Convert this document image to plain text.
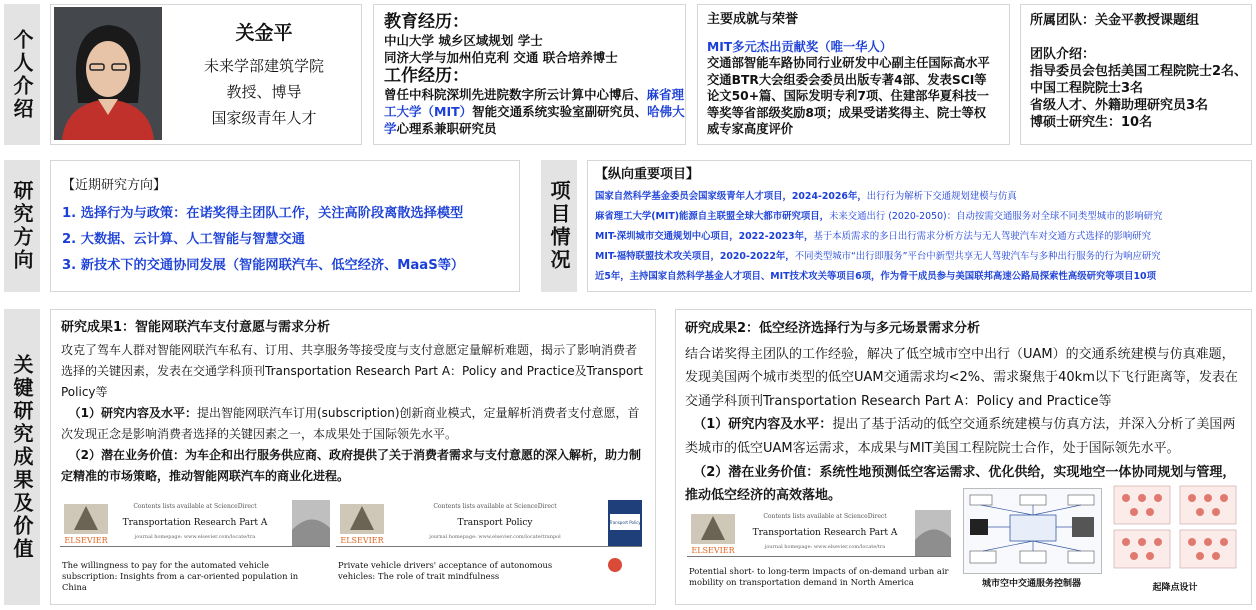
个人介绍	关金平

未来学部建筑学院

教授、博导

国家级青年人才

教育经历：

中山大学 城乡区域规划 学士

同济大学与加州伯克利 交通 联合培养博士

工作经历：

曾任中科院深圳先进院数字所云计算中心博后、麻省理工大学（MIT）智能交通系统实验室副研究员、哈佛大学心理系兼职研究员

主要成就与荣誉

MIT多元杰出贡献奖（唯一华人）

交通部智能车路协同行业研发中心副主任国际高水平交通BTR大会组委会委员出版专著4部、发表SCI等论文50+篇、国际发明专利7项、住建部华夏科技一等奖等省部级奖励8项；成果受诺奖得主、院士等权威专家高度评价

所属团队：关金平教授课题组

团队介绍：

指导委员会包括美国工程院院士2名、中国工程院院士3名

省级人才、外籍助理研究员3名

博硕士研究生：10名

研究方向 【近期研究方向】

1. 选择行为与政策：在诺奖得主团队工作，关注高阶段离散选择模型

2. 大数据、云计算、人工智能与智慧交通

3. 新技术下的交通协同发展（智能网联汽车、低空经济、MaaS等）	项目情况

【纵向重要项目】

国家自然科学基金委员会国家级青年人才项目，2024-2026年，出行行为解析下交通规划建模与仿真

麻省理工大学(MIT)能源自主联盟全球大都市研究项目，未来交通出行 (2020-2050)：自动按需交通服务对全球不同类型城市的影响研究

MIT-深圳城市交通规划中心项目，2022-2023年，基于本质需求的多日出行需求分析方法与无人驾驶汽车对交通方式选择的影响研究

MIT-福特联盟技术攻关项目，2020-2022年，不同类型城市“出行即服务”平台中新型共享无人驾驶汽车与多种出行服务的行为响应研究

近5年，主持国家自然科学基金人才项目、MIT技术攻关等项目6项，作为骨干成员参与美国联邦高速公路局探索性高级研究等项目10项

关键研究成果及价值

研究成果1：智能网联汽车支付意愿与需求分析

攻克了驾车人群对智能网联汽车私有、订用、共享服务等接受度与支付意愿定量解析难题，揭示了影响消费者选择的关键因素，发表在交通学科顶刊Transportation Research Part A：Policy and Practice及Transport Policy等

（1）研究内容及水平：提出智能网联汽车订用(subscription)创新商业模式，定量解析消费者支付意愿，首次发现正念是影响消费者选择的关键因素之一，本成果处于国际领先水平。

（2）潜在业务价值：为车企和出行服务供应商、政府提供了关于消费者需求与支付意愿的深入解析，助力制定精准的市场策略，推动智能网联汽车的商业化进程。

研究成果2：低空经济选择行为与多元场景需求分析

结合诺奖得主团队的工作经验，解决了低空城市空中出行（UAM）的交通系统建模与仿真难题，发现美国两个城市类型的低空UAM交通需求均<2%、需求聚焦于40km以下飞行距离等，发表在交通学科顶刊Transportation Research Part A：Policy and Practice等

（1）研究内容及水平：提出了基于活动的低空交通系统建模与仿真方法，并深入分析了美国两类城市的低空UAM客运需求，本成果与MIT美国工程院院士合作，处于国际领先水平。

（2）潜在业务价值：系统性地预测低空客运需求、优化供给，实现地空一体协同规划与管理，推动低空经济的高效落地。

ELSEVIER

Contents lists available at ScienceDirect

Transportation Research Part A

journal homepage: www.elsevier.com/locate/tra

The willingness to pay for the automated vehicle subscription: Insights from a car-oriented population in China

ELSEVIER

Contents lists available at ScienceDirect

Transport Policy

journal homepage: www.elsevier.com/locate/tranpol

Transport Policy

Private vehicle drivers' acceptance of autonomous vehicles: The role of trait mindfulness

ELSEVIER

Contents lists available at ScienceDirect

Transportation Research Part A

journal homepage: www.elsevier.com/locate/tra

Potential short- to long-term impacts of on-demand urban air mobility on transportation demand in North America	城市空中交通服务控制器	起降点设计
